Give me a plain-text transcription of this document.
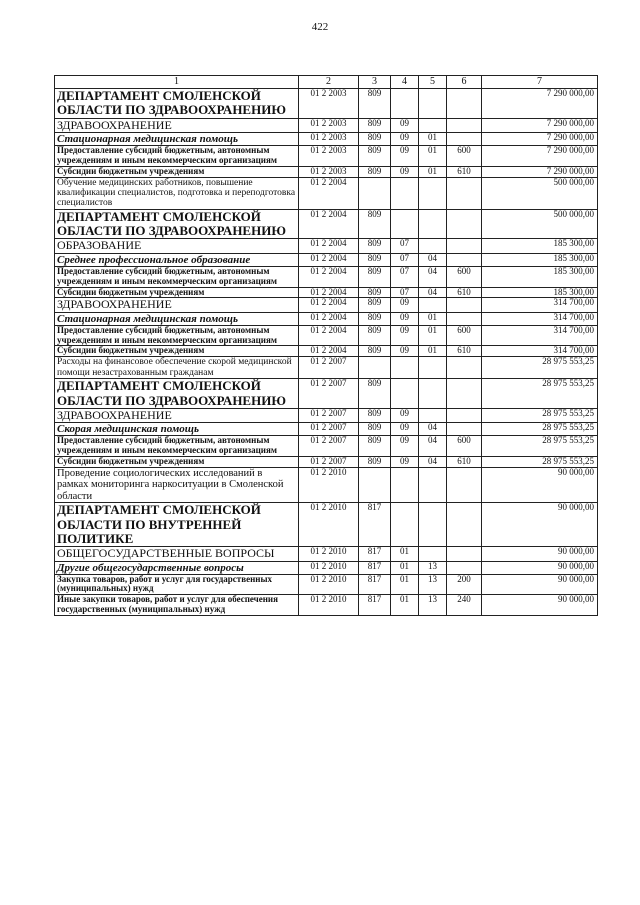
422
1	2	3	4	5	6	7
ДЕПАРТАМЕНТ СМОЛЕНСКОЙ ОБЛАСТИ ПО ЗДРАВООХРАНЕНИЮ	01 2 2003	809				7 290 000,00
ЗДРАВООХРАНЕНИЕ	01 2 2003	809	09			7 290 000,00
Стационарная медицинская помощь	01 2 2003	809	09	01		7 290 000,00
Предоставление субсидий бюджетным, автономным учреждениям и иным некоммерческим организациям	01 2 2003	809	09	01	600	7 290 000,00
Субсидии бюджетным учреждениям	01 2 2003	809	09	01	610	7 290 000,00
Обучение медицинских работников, повышение квалификации специалистов, подготовка и переподготовка специалистов	01 2 2004					500 000,00
ДЕПАРТАМЕНТ СМОЛЕНСКОЙ ОБЛАСТИ ПО ЗДРАВООХРАНЕНИЮ	01 2 2004	809				500 000,00
ОБРАЗОВАНИЕ	01 2 2004	809	07			185 300,00
Среднее профессиональное образование	01 2 2004	809	07	04		185 300,00
Предоставление субсидий бюджетным, автономным учреждениям и иным некоммерческим организациям	01 2 2004	809	07	04	600	185 300,00
Субсидии бюджетным учреждениям	01 2 2004	809	07	04	610	185 300,00
ЗДРАВООХРАНЕНИЕ	01 2 2004	809	09			314 700,00
Стационарная медицинская помощь	01 2 2004	809	09	01		314 700,00
Предоставление субсидий бюджетным, автономным учреждениям и иным некоммерческим организациям	01 2 2004	809	09	01	600	314 700,00
Субсидии бюджетным учреждениям	01 2 2004	809	09	01	610	314 700,00
Расходы на финансовое обеспечение скорой медицинской помощи незастрахованным гражданам	01 2 2007					28 975 553,25
ДЕПАРТАМЕНТ СМОЛЕНСКОЙ ОБЛАСТИ ПО ЗДРАВООХРАНЕНИЮ	01 2 2007	809				28 975 553,25
ЗДРАВООХРАНЕНИЕ	01 2 2007	809	09			28 975 553,25
Скорая медицинская помощь	01 2 2007	809	09	04		28 975 553,25
Предоставление субсидий бюджетным, автономным учреждениям и иным некоммерческим организациям	01 2 2007	809	09	04	600	28 975 553,25
Субсидии бюджетным учреждениям	01 2 2007	809	09	04	610	28 975 553,25
Проведение социологических исследований в рамках мониторинга наркоситуации в Смоленской области	01 2 2010					90 000,00
ДЕПАРТАМЕНТ СМОЛЕНСКОЙ ОБЛАСТИ ПО ВНУТРЕННЕЙ ПОЛИТИКЕ	01 2 2010	817				90 000,00
ОБЩЕГОСУДАРСТВЕННЫЕ ВОПРОСЫ	01 2 2010	817	01			90 000,00
Другие общегосударственные вопросы	01 2 2010	817	01	13		90 000,00
Закупка товаров, работ и услуг для государственных (муниципальных) нужд	01 2 2010	817	01	13	200	90 000,00
Иные закупки товаров, работ и услуг для обеспечения государственных (муниципальных) нужд	01 2 2010	817	01	13	240	90 000,00
